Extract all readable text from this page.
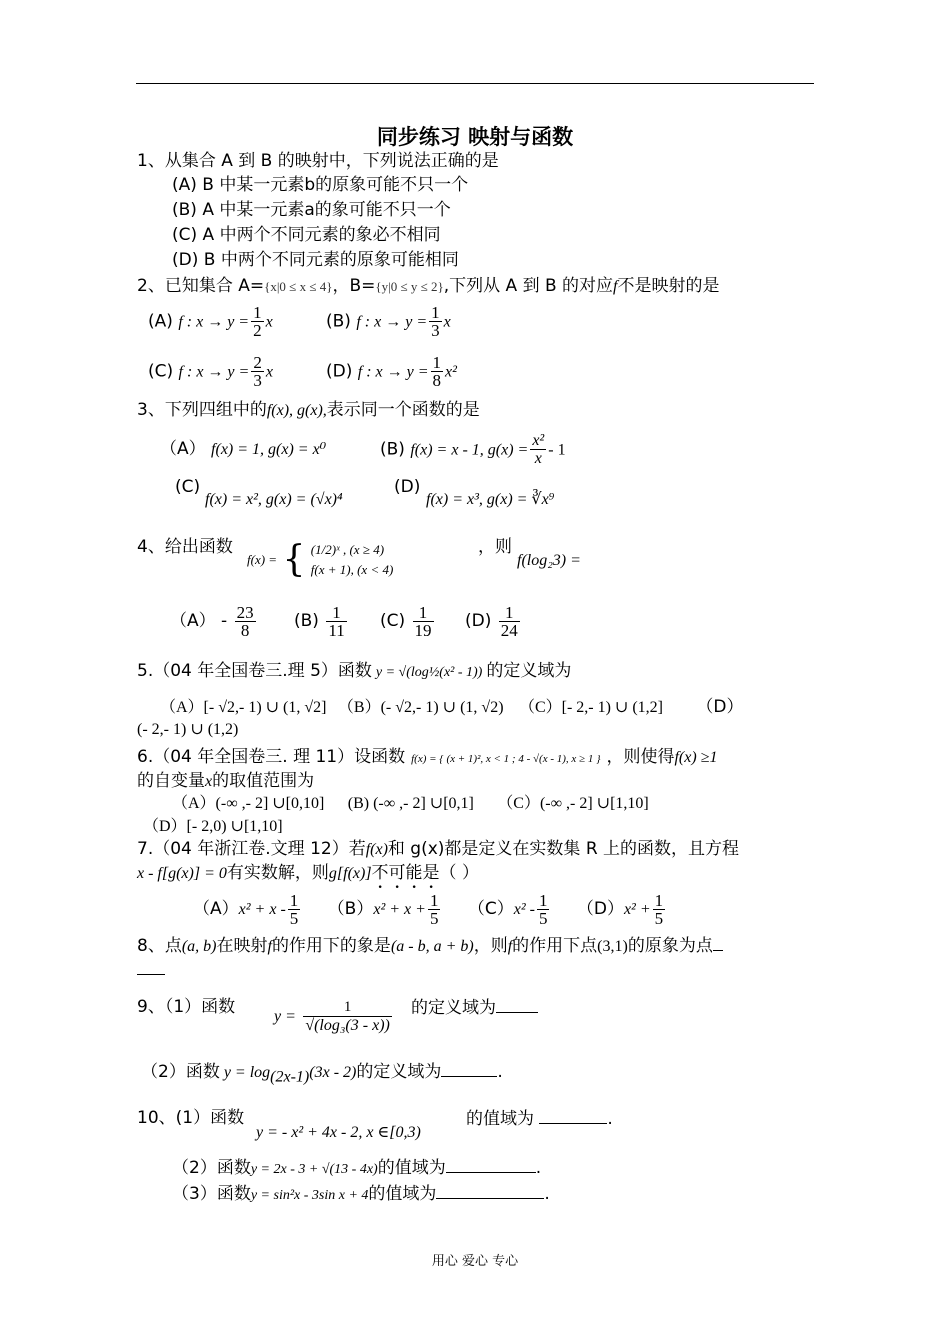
同步练习 映射与函数
1、从集合 A 到 B 的映射中，下列说法正确的是
(A) B 中某一元素b的原象可能不只一个
(B) A 中某一元素a的象可能不只一个
(C) A 中两个不同元素的象必不相同
(D) B 中两个不同元素的原象可能相同
2、已知集合 A={x|0 ≤ x ≤ 4}，B={y|0 ≤ y ≤ 2},下列从 A 到 B 的对应f不是映射的是
(A) f : $x \to y = \frac{1}{2}$ x	(B) f : $x \to y = \frac{1}{3}$ x
(C) f : $x \to y = \frac{2}{3}$ x	(D) f : $x \to y = \frac{1}{8} x^2$
3、下列四组中的f(x), g(x),表示同一个函数的是
（A） f(x) = 1, g(x) = x⁰	(B) f(x) = x - 1, $g(x) = \frac{\text{x²}}{x} - 1$
(C)
f(x) = x², g(x) = (√x)⁴
(D)
f(x) = x³, g(x) = ∛x⁹
4、给出函数
f(x) = { (1/2)ˣ , (x ≥ 4)
f(x + 1), (x < 4)
，则
f(log₂3) =
$(A) - \frac{23}{8} (B) \frac{1}{11} (C) \frac{1}{19} (D) \frac{1}{24}$
5.（04 年全国卷三.理 5）函数 y = √(log½(x² - 1)) 的定义域为
（A）[- √2,- 1) ∪ (1, √2] （B）(- √2,- 1) ∪ (1, √2) （C）[- 2,- 1) ∪ (1,2] （D）
(- 2,- 1) ∪ (1,2)
6.（04 年全国卷三. 理 11）设函数 f(x) = { (x + 1)², x < 1 ; 4 - √(x - 1), x ≥ 1 } ，则使得f(x) ≥1
的自变量x的取值范围为
（A）(-∞ ,- 2] ∪[0,10] (B) (-∞ ,- 2] ∪[0,1] （C）(-∞ ,- 2] ∪[1,10]
（D）[- 2,0) ∪[1,10]
7.（04 年浙江卷.文理 12）若f(x)和 g(x)都是定义在实数集 R 上的函数，且方程
x - f[g(x)] = 0有实数解，则g[f(x)]不可能是（ ）
$(A)x^2 + x - \frac{1}{5} (B)x^2 + x + \frac{1}{5} (C)x^2 - \frac{1}{5} (D)x^2 + \frac{1}{5}$
8、点(a, b)在映射f的作用下的象是(a - b, a + b)，则f的作用下点(3,1)的原象为点
9、（1）函数 $y = \frac{1}{\text{√(log₃(3 - x))}}$ 的定义域为
（2）函数 $y = \log_{(2x-1)}(3x - 2)$的定义域为	.
10、(1）函数
y = - x² + 4x - 2, x ∈[0,3)
的值域为	.
（2）函数y = 2x - 3 + √(13 - 4x)的值域为	.
（3）函数y = sin²x - 3sin x + 4的值域为	.
用心 爱心 专心
